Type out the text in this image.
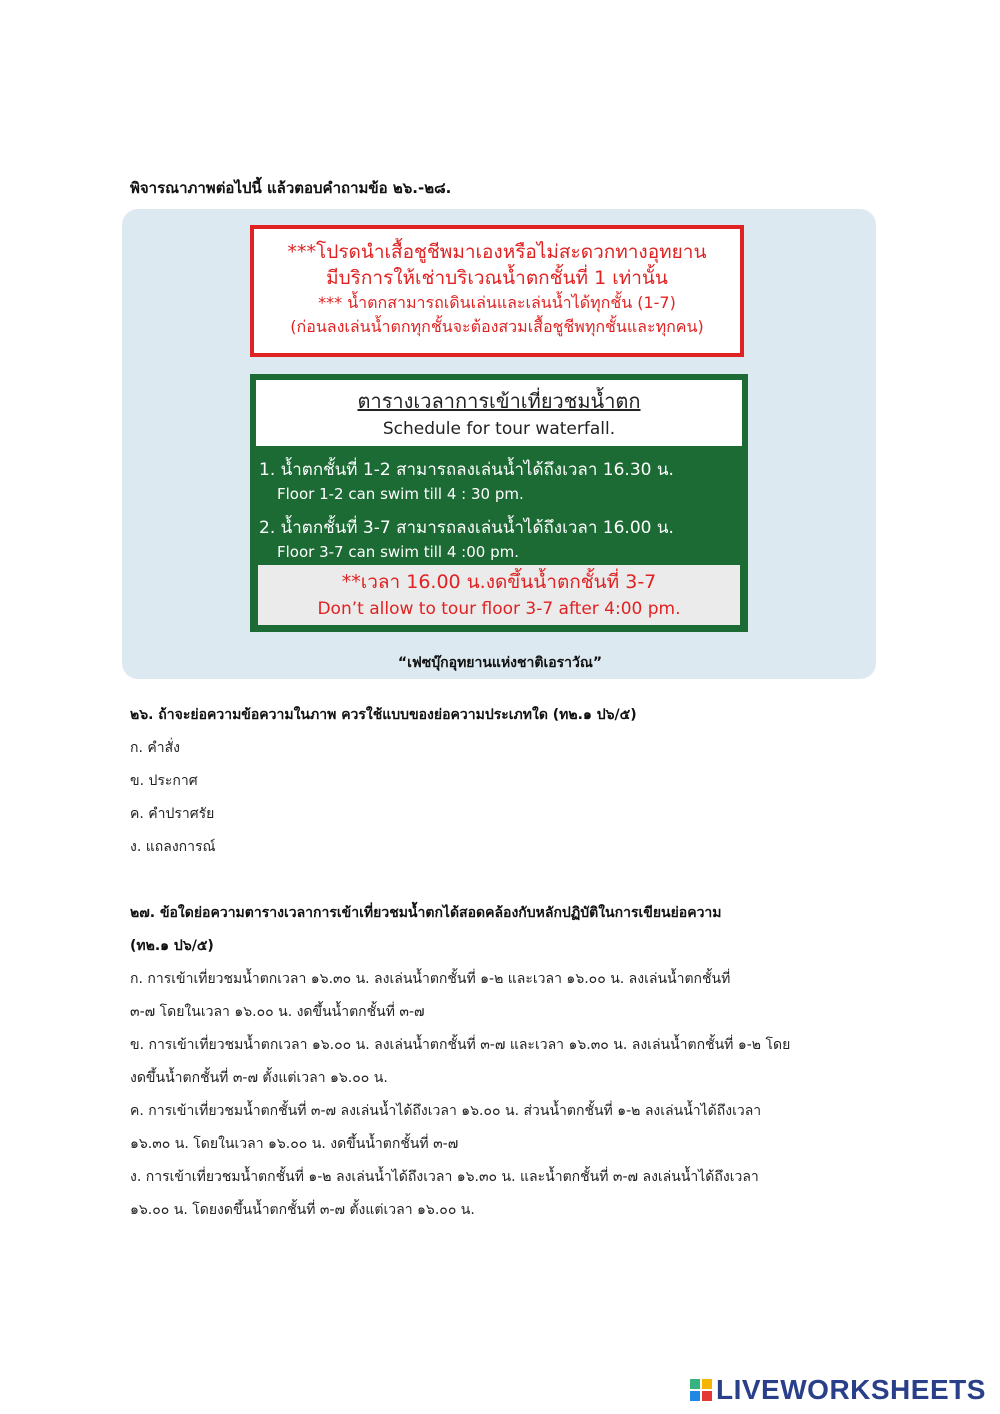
พิจารณาภาพต่อไปนี้ แล้วตอบคำถามข้อ ๒๖.-๒๘.
***โปรดนำเสื้อชูชีพมาเองหรือไม่สะดวกทางอุทยาน
มีบริการให้เช่าบริเวณน้ำตกชั้นที่ 1 เท่านั้น
*** น้ำตกสามารถเดินเล่นและเล่นน้ำได้ทุกชั้น (1-7)
(ก่อนลงเล่นน้ำตกทุกชั้นจะต้องสวมเสื้อชูชีพทุกชั้นและทุกคน)
ตารางเวลาการเข้าเที่ยวชมน้ำตก
Schedule for tour waterfall.
1. น้ำตกชั้นที่ 1-2 สามารถลงเล่นน้ำได้ถึงเวลา 16.30 น.
Floor 1-2 can swim till 4 : 30 pm.
2. น้ำตกชั้นที่ 3-7 สามารถลงเล่นน้ำได้ถึงเวลา 16.00 น.
Floor 3-7 can swim till 4 :00 pm.
**เวลา 16.00 น.งดขึ้นน้ำตกชั้นที่ 3-7
Don’t allow to tour floor 3-7 after 4:00 pm.
“เฟซบุ๊กอุทยานแห่งชาติเอราวัณ”
๒๖. ถ้าจะย่อความข้อความในภาพ ควรใช้แบบของย่อความประเภทใด (ท๒.๑ ป๖/๕)
ก. คำสั่ง
ข. ประกาศ
ค. คำปราศรัย
ง. แถลงการณ์
๒๗. ข้อใดย่อความตารางเวลาการเข้าเที่ยวชมน้ำตกได้สอดคล้องกับหลักปฏิบัติในการเขียนย่อความ
(ท๒.๑ ป๖/๕)
ก. การเข้าเที่ยวชมน้ำตกเวลา ๑๖.๓๐ น. ลงเล่นน้ำตกชั้นที่ ๑-๒ และเวลา ๑๖.๐๐ น. ลงเล่นน้ำตกชั้นที่
๓-๗ โดยในเวลา ๑๖.๐๐ น. งดขึ้นน้ำตกชั้นที่ ๓-๗
ข. การเข้าเที่ยวชมน้ำตกเวลา ๑๖.๐๐ น. ลงเล่นน้ำตกชั้นที่ ๓-๗ และเวลา ๑๖.๓๐ น. ลงเล่นน้ำตกชั้นที่ ๑-๒ โดย
งดขึ้นน้ำตกชั้นที่ ๓-๗ ตั้งแต่เวลา ๑๖.๐๐ น.
ค. การเข้าเที่ยวชมน้ำตกชั้นที่ ๓-๗ ลงเล่นน้ำได้ถึงเวลา ๑๖.๐๐ น. ส่วนน้ำตกชั้นที่ ๑-๒ ลงเล่นน้ำได้ถึงเวลา
๑๖.๓๐ น. โดยในเวลา ๑๖.๐๐ น. งดขึ้นน้ำตกชั้นที่ ๓-๗
ง. การเข้าเที่ยวชมน้ำตกชั้นที่ ๑-๒ ลงเล่นน้ำได้ถึงเวลา ๑๖.๓๐ น. และน้ำตกชั้นที่ ๓-๗ ลงเล่นน้ำได้ถึงเวลา
๑๖.๐๐ น. โดยงดขึ้นน้ำตกชั้นที่ ๓-๗ ตั้งแต่เวลา ๑๖.๐๐ น.
LIVEWORKSHEETS
